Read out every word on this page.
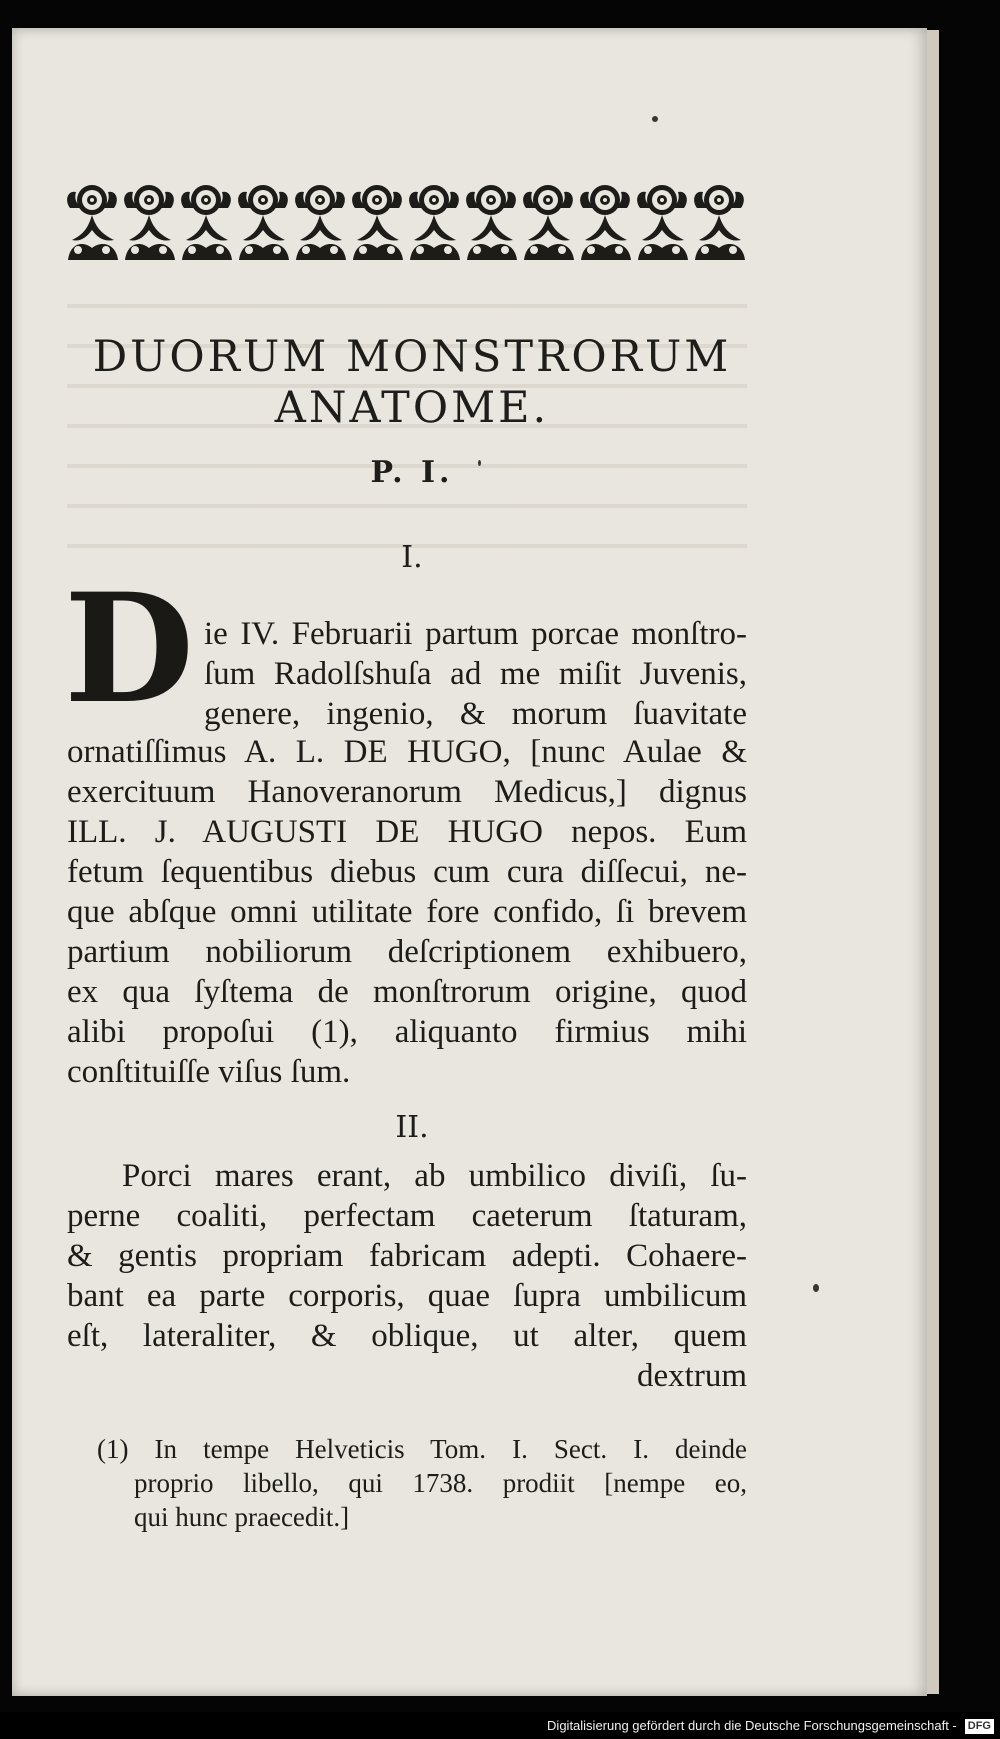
DUORUM MONSTRORUM
ANATOME.
P. I.
I.
D ie IV. Februarii partum porcae monſtro-
ſum Radolſshuſa ad me miſit Juvenis,
genere, ingenio, & morum ſuavitate
ornatiſſimus A. L. DE HUGO, [nunc Aulae &
exercituum Hanoveranorum Medicus,] dignus
ILL. J. AUGUSTI DE HUGO nepos. Eum
fetum ſequentibus diebus cum cura diſſecui, ne-
que abſque omni utilitate fore confido, ſi brevem
partium nobiliorum deſcriptionem exhibuero,
ex qua ſyſtema de monſtrorum origine, quod
alibi propoſui (1), aliquanto firmius mihi
conſtituiſſe viſus ſum.
II.
Porci mares erant, ab umbilico diviſi, ſu-
perne coaliti, perfectam caeterum ſtaturam,
& gentis propriam fabricam adepti. Cohaere-
bant ea parte corporis, quae ſupra umbilicum
eſt, lateraliter, & oblique, ut alter, quem
dextrum
(1) In tempe Helveticis Tom. I. Sect. I. deinde
proprio libello, qui 1738. prodiit [nempe eo,
qui hunc praecedit.]
Digitalisierung gefördert durch die Deutsche Forschungsgemeinschaft - DFG
